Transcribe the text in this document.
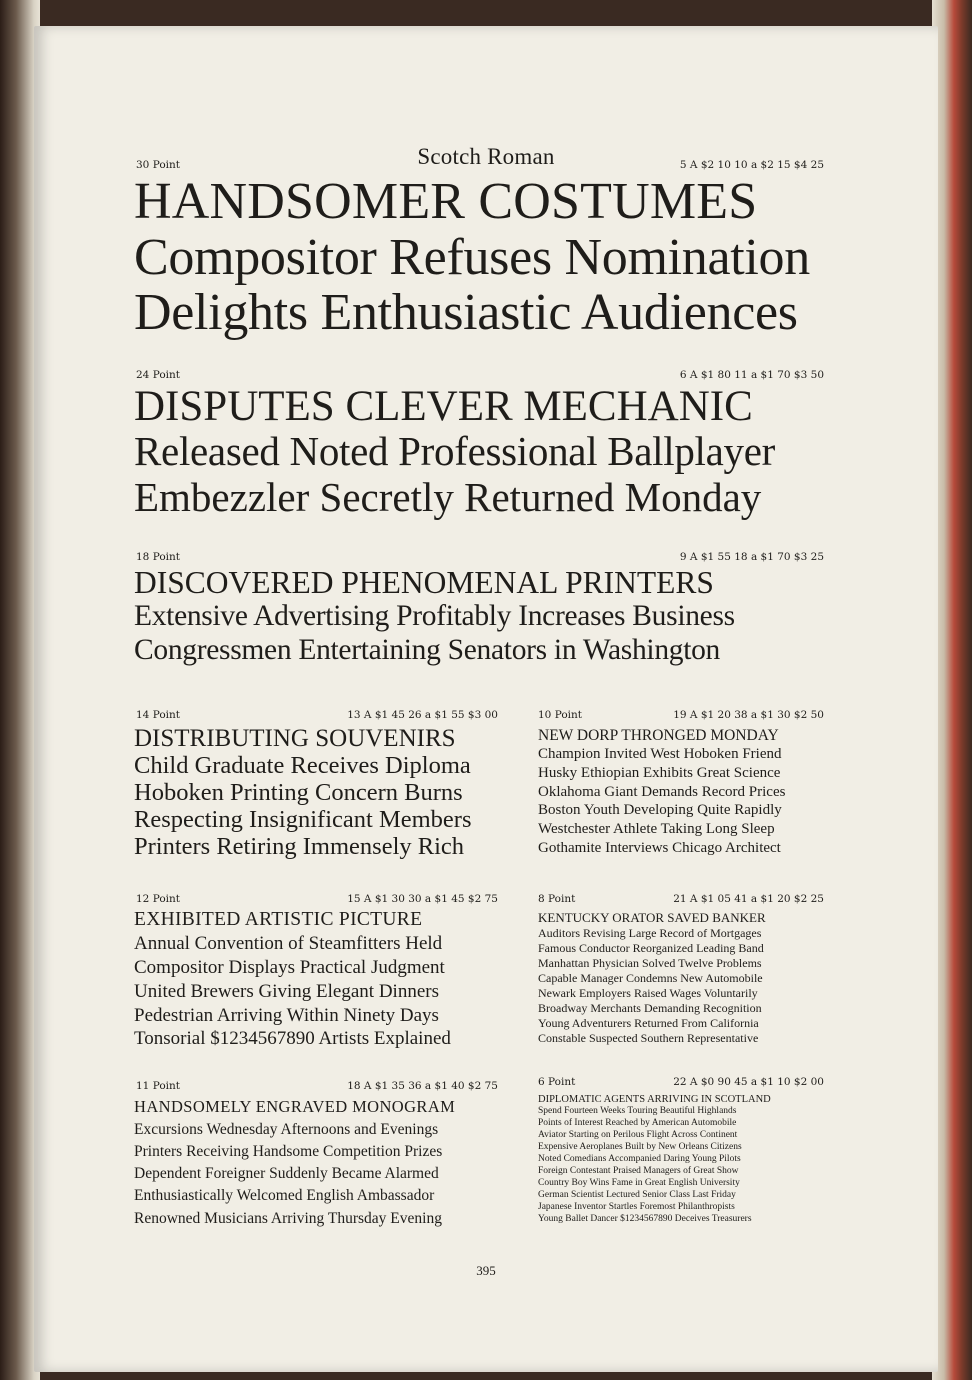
Scotch Roman
30 Point	5 A $2 10 10 a $2 15 $4 25
HANDSOMER COSTUMES
Compositor Refuses Nomination
Delights Enthusiastic Audiences
24 Point	6 A $1 80 11 a $1 70 $3 50
DISPUTES CLEVER MECHANIC
Released Noted Professional Ballplayer
Embezzler Secretly Returned Monday
18 Point	9 A $1 55 18 a $1 70 $3 25
DISCOVERED PHENOMENAL PRINTERS
Extensive Advertising Profitably Increases Business
Congressmen Entertaining Senators in Washington
14 Point	13 A $1 45 26 a $1 55 $3 00
DISTRIBUTING SOUVENIRS
Child Graduate Receives Diploma
Hoboken Printing Concern Burns
Respecting Insignificant Members
Printers Retiring Immensely Rich
10 Point	19 A $1 20 38 a $1 30 $2 50
NEW DORP THRONGED MONDAY
Champion Invited West Hoboken Friend
Husky Ethiopian Exhibits Great Science
Oklahoma Giant Demands Record Prices
Boston Youth Developing Quite Rapidly
Westchester Athlete Taking Long Sleep
Gothamite Interviews Chicago Architect
12 Point	15 A $1 30 30 a $1 45 $2 75
EXHIBITED ARTISTIC PICTURE
Annual Convention of Steamfitters Held
Compositor Displays Practical Judgment
United Brewers Giving Elegant Dinners
Pedestrian Arriving Within Ninety Days
Tonsorial $1234567890 Artists Explained
8 Point	21 A $1 05 41 a $1 20 $2 25
KENTUCKY ORATOR SAVED BANKER
Auditors Revising Large Record of Mortgages
Famous Conductor Reorganized Leading Band
Manhattan Physician Solved Twelve Problems
Capable Manager Condemns New Automobile
Newark Employers Raised Wages Voluntarily
Broadway Merchants Demanding Recognition
Young Adventurers Returned From California
Constable Suspected Southern Representative
11 Point	18 A $1 35 36 a $1 40 $2 75
HANDSOMELY ENGRAVED MONOGRAM
Excursions Wednesday Afternoons and Evenings
Printers Receiving Handsome Competition Prizes
Dependent Foreigner Suddenly Became Alarmed
Enthusiastically Welcomed English Ambassador
Renowned Musicians Arriving Thursday Evening
6 Point	22 A $0 90 45 a $1 10 $2 00
DIPLOMATIC AGENTS ARRIVING IN SCOTLAND
Spend Fourteen Weeks Touring Beautiful Highlands
Points of Interest Reached by American Automobile
Aviator Starting on Perilous Flight Across Continent
Expensive Aeroplanes Built by New Orleans Citizens
Noted Comedians Accompanied Daring Young Pilots
Foreign Contestant Praised Managers of Great Show
Country Boy Wins Fame in Great English University
German Scientist Lectured Senior Class Last Friday
Japanese Inventor Startles Foremost Philanthropists
Young Ballet Dancer $1234567890 Deceives Treasurers
395
